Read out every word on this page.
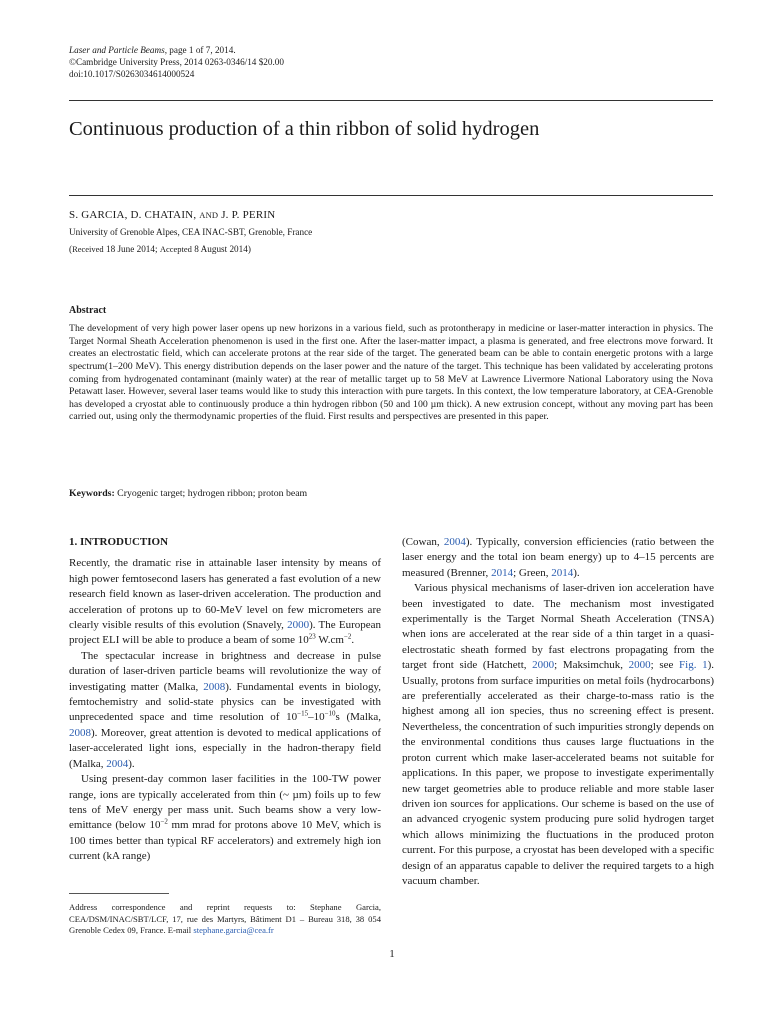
Laser and Particle Beams, page 1 of 7, 2014.
©Cambridge University Press, 2014 0263-0346/14 $20.00
doi:10.1017/S0263034614000524
Continuous production of a thin ribbon of solid hydrogen
S. GARCIA, D. CHATAIN, AND J. P. PERIN
University of Grenoble Alpes, CEA INAC-SBT, Grenoble, France
(Received 18 June 2014; Accepted 8 August 2014)
Abstract
The development of very high power laser opens up new horizons in a various field, such as protontherapy in medicine or laser-matter interaction in physics. The Target Normal Sheath Acceleration phenomenon is used in the first one. After the laser-matter impact, a plasma is generated, and free electrons move forward. It creates an electrostatic field, which can accelerate protons at the rear side of the target. The generated beam can be able to contain energetic protons with a large spectrum(1–200 MeV). This energy distribution depends on the laser power and the nature of the target. This technique has been validated by accelerating protons coming from hydrogenated contaminant (mainly water) at the rear of metallic target up to 58 MeV at Lawrence Livermore National Laboratory using the Nova Petawatt laser. However, several laser teams would like to study this interaction with pure targets. In this context, the low temperature laboratory, at CEA-Grenoble has developed a cryostat able to continuously produce a thin hydrogen ribbon (50 and 100 µm thick). A new extrusion concept, without any moving part has been carried out, using only the thermodynamic properties of the fluid. First results and perspectives are presented in this paper.
Keywords: Cryogenic target; hydrogen ribbon; proton beam
1. INTRODUCTION

Recently, the dramatic rise in attainable laser intensity by means of high power femtosecond lasers has generated a fast evolution of a new research field known as laser-driven acceleration. The production and acceleration of protons up to 60-MeV level on few micrometers are clearly visible results of this evolution (Snavely, 2000). The European project ELI will be able to produce a beam of some $10^{23}$ $W.cm^{-2}$.

The spectacular increase in brightness and decrease in pulse duration of laser-driven particle beams will revolutionize the way of investigating matter (Malka, 2008). Fundamental events in biology, femtochemistry and solid-state physics can be investigated with unprecedented space and time resolution of $10^{-15}-10^{-10}s$ (Malka, 2008). Moreover, great attention is devoted to medical applications of laser-accelerated light ions, especially in the hadron-therapy field (Malka, 2004).

Using present-day common laser facilities in the 100-TW power range, ions are typically accelerated from thin (~ µm) foils up to few tens of MeV energy per mass unit. Such beams show a very low-emittance (below $10^{-2}$ mm mrad for protons above 10 MeV, which is 100 times better than typical RF accelerators) and extremely high ion current (kA range)

(Cowan, 2004). Typically, conversion efficiencies (ratio between the laser energy and the total ion beam energy) up to 4–15 percents are measured (Brenner, 2014; Green, 2014).

Various physical mechanisms of laser-driven ion acceleration have been investigated to date. The mechanism most investigated experimentally is the Target Normal Sheath Acceleration (TNSA) when ions are accelerated at the rear side of a thin target in a quasi-electrostatic sheath formed by fast electrons propagating from the target front side (Hatchett, 2000; Maksimchuk, 2000; see Fig. 1). Usually, protons from surface impurities on metal foils (hydrocarbons) are preferentially accelerated as their charge-to-mass ratio is the highest among all ion species, thus no screening effect is present. Nevertheless, the concentration of such impurities strongly depends on the environmental conditions thus causes large fluctuations in the proton current which make laser-accelerated beams not suitable for applications. In this paper, we propose to investigate experimentally new target geometries able to produce reliable and more stable laser driven ion sources for applications. Our scheme is based on the use of an advanced cryogenic system producing pure solid hydrogen target which allows minimizing the fluctuations in the produced proton current. For this purpose, a cryostat has been developed with a specific design of an apparatus capable to deliver the required targets to a high vacuum chamber.

Address correspondence and reprint requests to: Stephane Garcia, CEA/DSM/INAC/SBT/LCF, 17, rue des Martyrs, Bâtiment D1 – Bureau 318, 38 054 Grenoble Cedex 09, France. E-mail stephane.garcia@cea.fr
1
